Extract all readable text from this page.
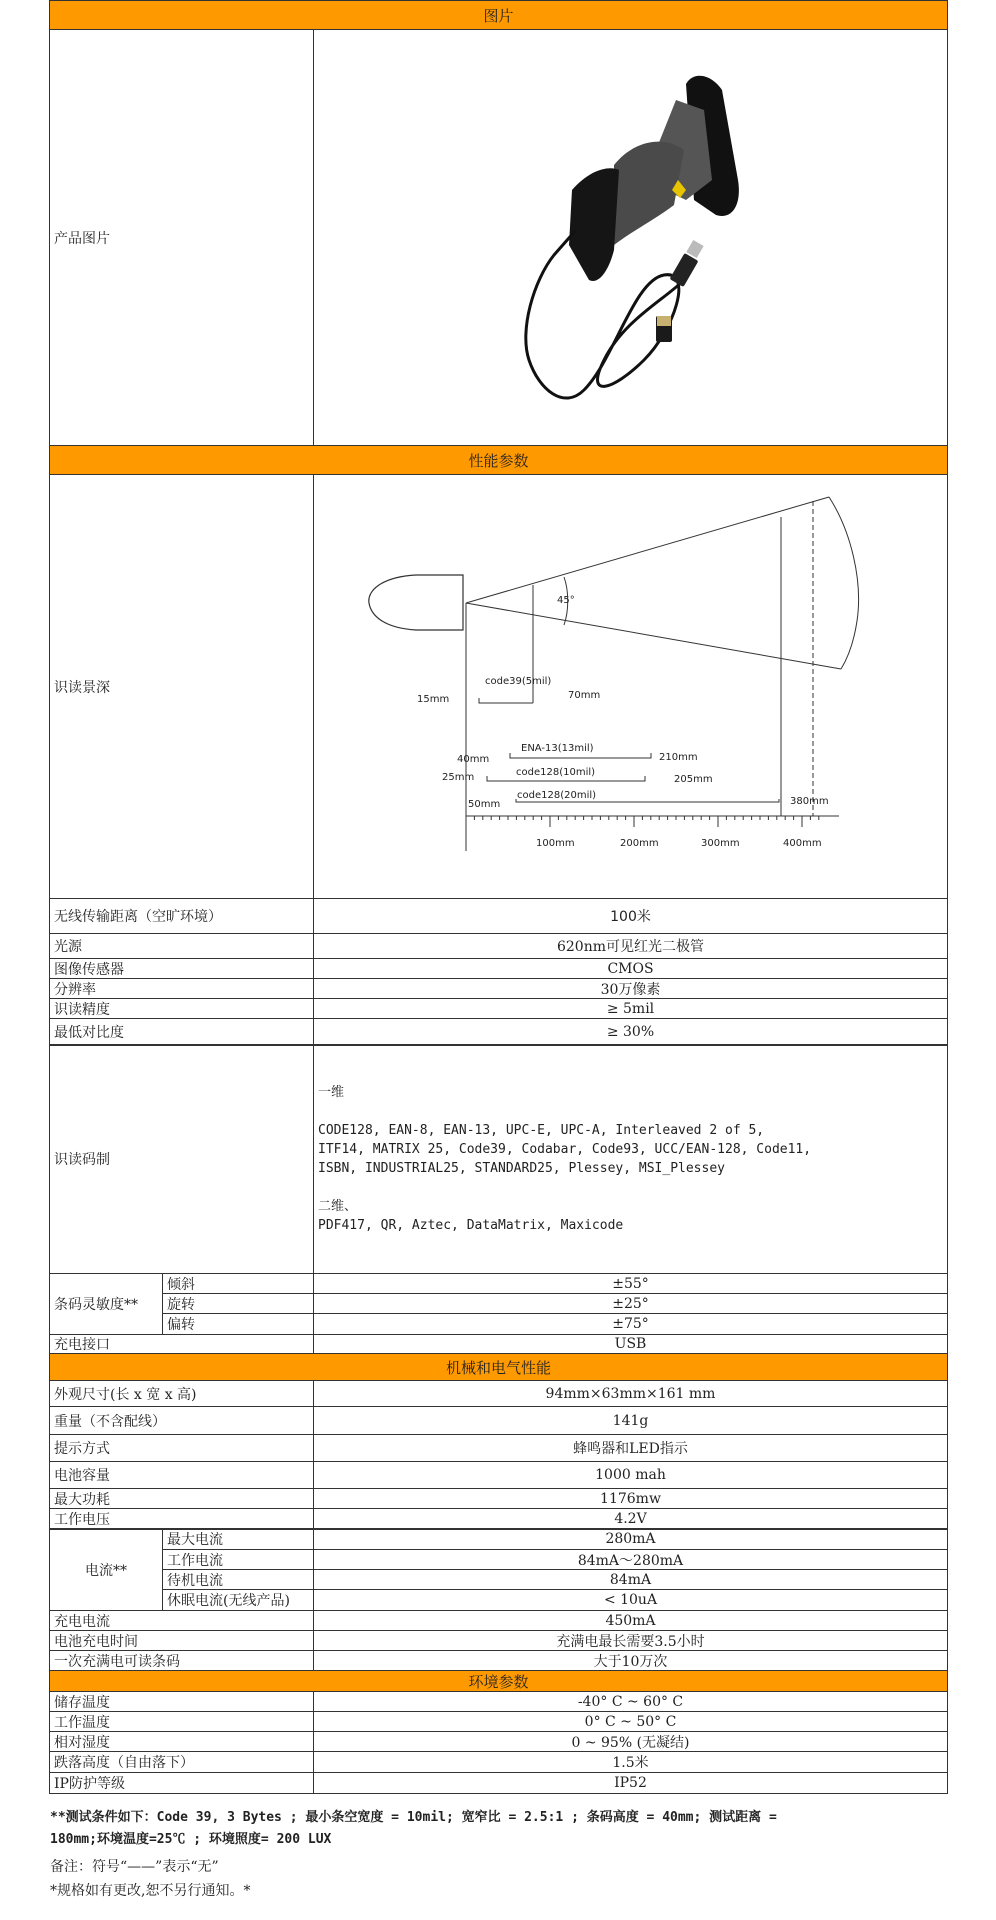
图片
产品图片
性能参数
识读景深
45°
code39(5mil)
15mm	70mm
ENA-13(13mil)
40mm	210mm
code128(10mil)
25mm	205mm
code128(20mil)
50mm	380mm
100mm	200mm	300mm	400mm
无线传输距离（空旷环境）	100米
光源	620nm可见红光二极管
图像传感器	CMOS
分辨率	30万像素
识读精度	≥ 5mil
最低对比度	≥ 30%
识读码制
一维

CODE128, EAN-8, EAN-13, UPC-E, UPC-A, Interleaved 2 of 5,
ITF14, MATRIX 25, Code39, Codabar, Code93, UCC/EAN-128, Code11,
ISBN, INDUSTRIAL25, STANDARD25, Plessey, MSI_Plessey

二维、
PDF417, QR, Aztec, DataMatrix, Maxicode
条码灵敏度**
倾斜	±55°
旋转	±25°
偏转	±75°
充电接口	USB
机械和电气性能
外观尺寸(长 x 宽 x 高)	94mm×63mm×161 mm
重量（不含配线）	141g
提示方式	蜂鸣器和LED指示
电池容量	1000 mah
最大功耗	1176mw
工作电压	4.2V
电流**
最大电流	280mA
工作电流	84mA～280mA
待机电流	84mA
休眠电流(无线产品)	< 10uA
充电电流	450mA
电池充电时间	充满电最长需要3.5小时
一次充满电可读条码	大于10万次
环境参数
储存温度	-40° C ~ 60° C
工作温度	0° C ~ 50° C
相对湿度	0 ~ 95% (无凝结)
跌落高度（自由落下）	1.5米
IP防护等级	IP52
**测试条件如下：Code 39, 3 Bytes ; 最小条空宽度 = 10mil; 宽窄比 = 2.5:1 ; 条码高度 = 40mm; 测试距离 =
180mm;环境温度=25℃ ; 环境照度= 200 LUX
备注：符号“——”表示“无”
*规格如有更改,恕不另行通知。*
